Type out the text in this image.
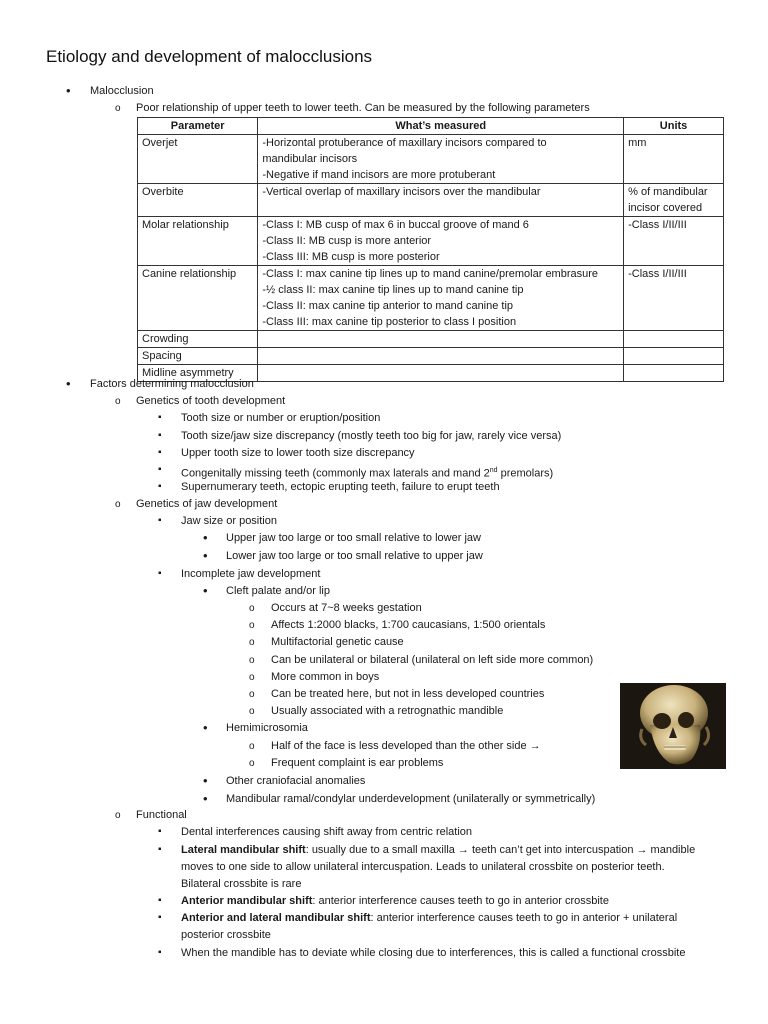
Etiology and development of malocclusions
•
Malocclusion
o
Poor relationship of upper teeth to lower teeth. Can be measured by the following parameters
Parameter	What’s measured	Units
Overjet	-Horizontal protuberance of maxillary incisors compared to
mandibular incisors
-Negative if mand incisors are more protuberant	mm

Overbite	-Vertical overlap of maxillary incisors over the mandibular	% of mandibular
incisor covered

Molar relationship	-Class I: MB cusp of max 6 in buccal groove of mand 6
-Class II: MB cusp is more anterior
-Class III: MB cusp is more posterior	-Class I/II/III

Canine relationship	-Class I: max canine tip lines up to mand canine/premolar embrasure
-½ class II: max canine tip lines up to mand canine tip
-Class II: max canine tip anterior to mand canine tip
-Class III: max canine tip posterior to class I position	-Class I/II/III

Crowding		
Spacing		
Midline asymmetry		
•
Factors determining malocclusion
o
Genetics of tooth development
▪
Tooth size or number or eruption/position
▪
Tooth size/jaw size discrepancy (mostly teeth too big for jaw, rarely vice versa)
▪
Upper tooth size to lower tooth size discrepancy
▪
Congenitally missing teeth (commonly max laterals and mand 2nd premolars)
▪
Supernumerary teeth, ectopic erupting teeth, failure to erupt teeth
o
Genetics of jaw development
▪
Jaw size or position
•
Upper jaw too large or too small relative to lower jaw
•
Lower jaw too large or too small relative to upper jaw
▪
Incomplete jaw development
•
Cleft palate and/or lip
o
Occurs at 7~8 weeks gestation
o
Affects 1:2000 blacks, 1:700 caucasians, 1:500 orientals
o
Multifactorial genetic cause
o
Can be unilateral or bilateral (unilateral on left side more common)
o
More common in boys
o
Can be treated here, but not in less developed countries
o
Usually associated with a retrognathic mandible
•
Hemimicrosomia
o
Half of the face is less developed than the other side →
o
Frequent complaint is ear problems
•
Other craniofacial anomalies
•
Mandibular ramal/condylar underdevelopment (unilaterally or symmetrically)
o
Functional
▪
Dental interferences causing shift away from centric relation
▪
Lateral mandibular shift: usually due to a small maxilla → teeth can’t get into intercuspation → mandible
moves to one side to allow unilateral intercuspation. Leads to unilateral crossbite on posterior teeth.
Bilateral crossbite is rare
▪
Anterior mandibular shift: anterior interference causes teeth to go in anterior crossbite
▪
Anterior and lateral mandibular shift: anterior interference causes teeth to go in anterior + unilateral
posterior crossbite
▪
When the mandible has to deviate while closing due to interferences, this is called a functional crossbite
